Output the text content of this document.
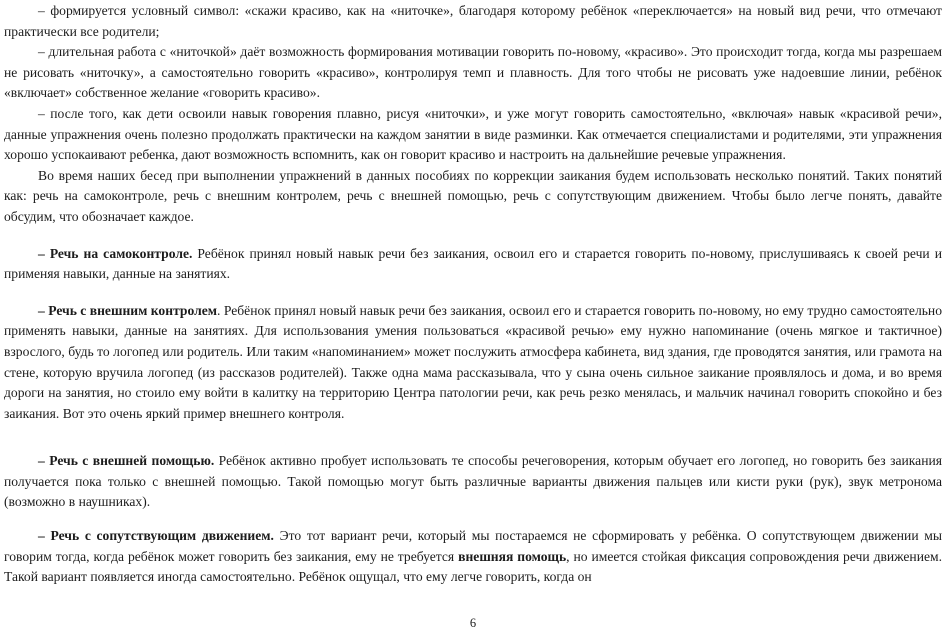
– формируется условный символ: «скажи красиво, как на «ниточке», благодаря которому ребёнок «переключается» на новый вид речи, что отмечают практически все родители;

– длительная работа с «ниточкой» даёт возможность формирования мотивации говорить по-новому, «красиво». Это происходит тогда, когда мы разрешаем не рисовать «ниточку», а самостоятельно говорить «красиво», контролируя темп и плавность. Для того чтобы не рисовать уже надоевшие линии, ребёнок «включает» собственное желание «говорить красиво».

– после того, как дети освоили навык говорения плавно, рисуя «ниточки», и уже могут говорить самостоятельно, «включая» навык «красивой речи», данные упражнения очень полезно продолжать практически на каждом занятии в виде разминки. Как отмечается специалистами и родителями, эти упражнения хорошо успокаивают ребенка, дают возможность вспомнить, как он говорит красиво и настроить на дальнейшие речевые упражнения.

Во время наших бесед при выполнении упражнений в данных пособиях по коррекции заикания будем использовать несколько понятий. Таких понятий как: речь на самоконтроле, речь с внешним контролем, речь с внешней помощью, речь с сопутствующим движением. Чтобы было легче понять, давайте обсудим, что обозначает каждое.

– Речь на самоконтроле. Ребёнок принял новый навык речи без заикания, освоил его и старается говорить по-новому, прислушиваясь к своей речи и применяя навыки, данные на занятиях.

– Речь с внешним контролем. Ребёнок принял новый навык речи без заикания, освоил его и старается говорить по-новому, но ему трудно самостоятельно применять навыки, данные на занятиях. Для использования умения пользоваться «красивой речью» ему нужно напоминание (очень мягкое и тактичное) взрослого, будь то логопед или родитель. Или таким «напоминанием» может послужить атмосфера кабинета, вид здания, где проводятся занятия, или грамота на стене, которую вручила логопед (из рассказов родителей). Также одна мама рассказывала, что у сына очень сильное заикание проявлялось и дома, и во время дороги на занятия, но стоило ему войти в калитку на территорию Центра патологии речи, как речь резко менялась, и мальчик начинал говорить спокойно и без заикания. Вот это очень яркий пример внешнего контроля.

– Речь с внешней помощью. Ребёнок активно пробует использовать те способы речеговорения, которым обучает его логопед, но говорить без заикания получается пока только с внешней помощью. Такой помощью могут быть различные варианты движения пальцев или кисти руки (рук), звук метронома (возможно в наушниках).

– Речь с сопутствующим движением. Это тот вариант речи, который мы постараемся не сформировать у ребёнка. О сопутствующем движении мы говорим тогда, когда ребёнок может говорить без заикания, ему не требуется внешняя помощь, но имеется стойкая фиксация сопровождения речи движением. Такой вариант появляется иногда самостоятельно. Ребёнок ощущал, что ему легче говорить, когда он

6
